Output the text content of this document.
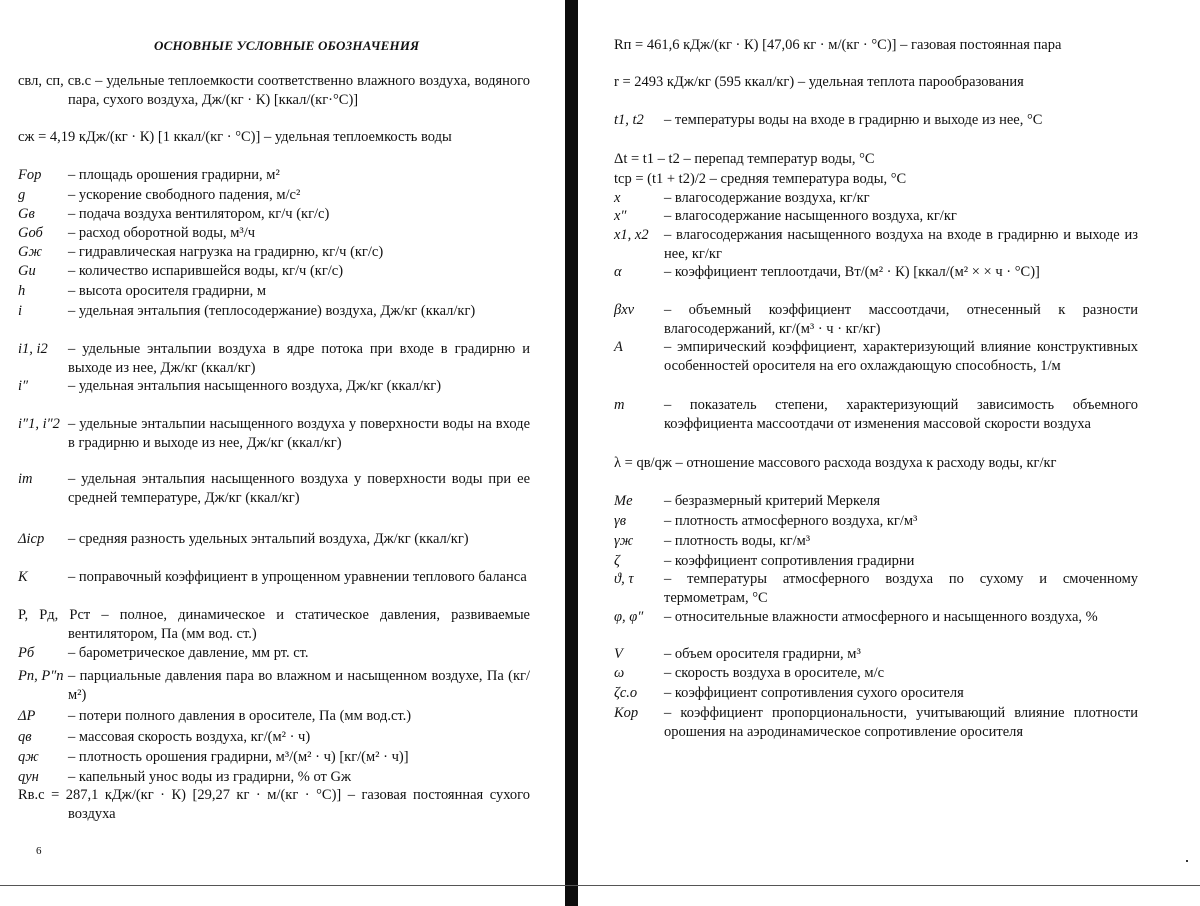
ОСНОВНЫЕ УСЛОВНЫЕ ОБОЗНАЧЕНИЯ
cвл, cп, cв.с – удельные теплоемкости соответственно влажного воздуха, водяного пара, сухого воздуха, Дж/(кг · К) [ккал/(кг·°С)]
cж = 4,19 кДж/(кг · К) [1 ккал/(кг · °С)] – удельная теплоемкость воды
Fор	– площадь орошения градирни, м²
g	– ускорение свободного падения, м/с²
Gв	– подача воздуха вентилятором, кг/ч (кг/с)
Gоб	– расход оборотной воды, м³/ч
Gж	– гидравлическая нагрузка на градирню, кг/ч (кг/с)
Gи	– количество испарившейся воды, кг/ч (кг/с)
h	– высота оросителя градирни, м
i	– удельная энтальпия (теплосодержание) воздуха, Дж/кг (ккал/кг)
i1, i2	– удельные энтальпии воздуха в ядре потока при входе в градирню и выходе из нее, Дж/кг (ккал/кг)
i″	– удельная энтальпия насыщенного воздуха, Дж/кг (ккал/кг)
i″1, i″2 – удельные энтальпии насыщенного воздуха у поверхности воды на входе в градирню и выходе из нее, Дж/кг (ккал/кг)
im	– удельная энтальпия насыщенного воздуха у поверхности воды при ее средней температуре, Дж/кг (ккал/кг)
Δiср	– средняя разность удельных энтальпий воздуха, Дж/кг (ккал/кг)
K	– поправочный коэффициент в упрощенном уравнении теплового баланса
P, Pд, Pст – полное, динамическое и статическое давления, развиваемые вентилятором, Па (мм вод. ст.)
Pб	– барометрическое давление, мм рт. ст.
Pп, P″п – парциальные давления пара во влажном и насыщенном воздухе, Па (кг/м²)
ΔP	– потери полного давления в оросителе, Па (мм вод.ст.)
qв	– массовая скорость воздуха, кг/(м² · ч)
qж	– плотность орошения градирни, м³/(м² · ч) [кг/(м² · ч)]
qун	– капельный унос воды из градирни, % от Gж
Rв.с = 287,1 кДж/(кг · К) [29,27 кг · м/(кг · °С)] – газовая постоянная сухого воздуха
6
Rп = 461,6 кДж/(кг · К) [47,06 кг · м/(кг · °С)] – газовая постоянная пара
r = 2493 кДж/кг (595 ккал/кг) – удельная теплота парообразования
t1, t2	– температуры воды на входе в градирню и выходе из нее, °С
Δt = t1 – t2 – перепад температур воды, °С
tср = (t1 + t2)/2 – средняя температура воды, °С
x	– влагосодержание воздуха, кг/кг
x″	– влагосодержание насыщенного воздуха, кг/кг
x1, x2	– влагосодержания насыщенного воздуха на входе в градирню и выходе из нее, кг/кг
α	– коэффициент теплоотдачи, Вт/(м² · К) [ккал/(м² × × ч · °С)]
βxv	– объемный коэффициент массоотдачи, отнесенный к разности влагосодержаний, кг/(м³ · ч · кг/кг)
A	– эмпирический коэффициент, характеризующий влияние конструктивных особенностей оросителя на его охлаждающую способность, 1/м
m	– показатель степени, характеризующий зависимость объемного коэффициента массоотдачи от изменения массовой скорости воздуха
λ = qв/qж – отношение массового расхода воздуха к расходу воды, кг/кг
Me	– безразмерный критерий Меркеля
γв	– плотность атмосферного воздуха, кг/м³
γж	– плотность воды, кг/м³
ζ	– коэффициент сопротивления градирни
ϑ, τ	– температуры атмосферного воздуха по сухому и смоченному термометрам, °С
φ, φ″	– относительные влажности атмосферного и насыщенного воздуха, %
V	– объем оросителя градирни, м³
ω	– скорость воздуха в оросителе, м/с
ζс.о	– коэффициент сопротивления сухого оросителя
Kор	– коэффициент пропорциональности, учитывающий влияние плотности орошения на аэродинамическое сопротивление оросителя
